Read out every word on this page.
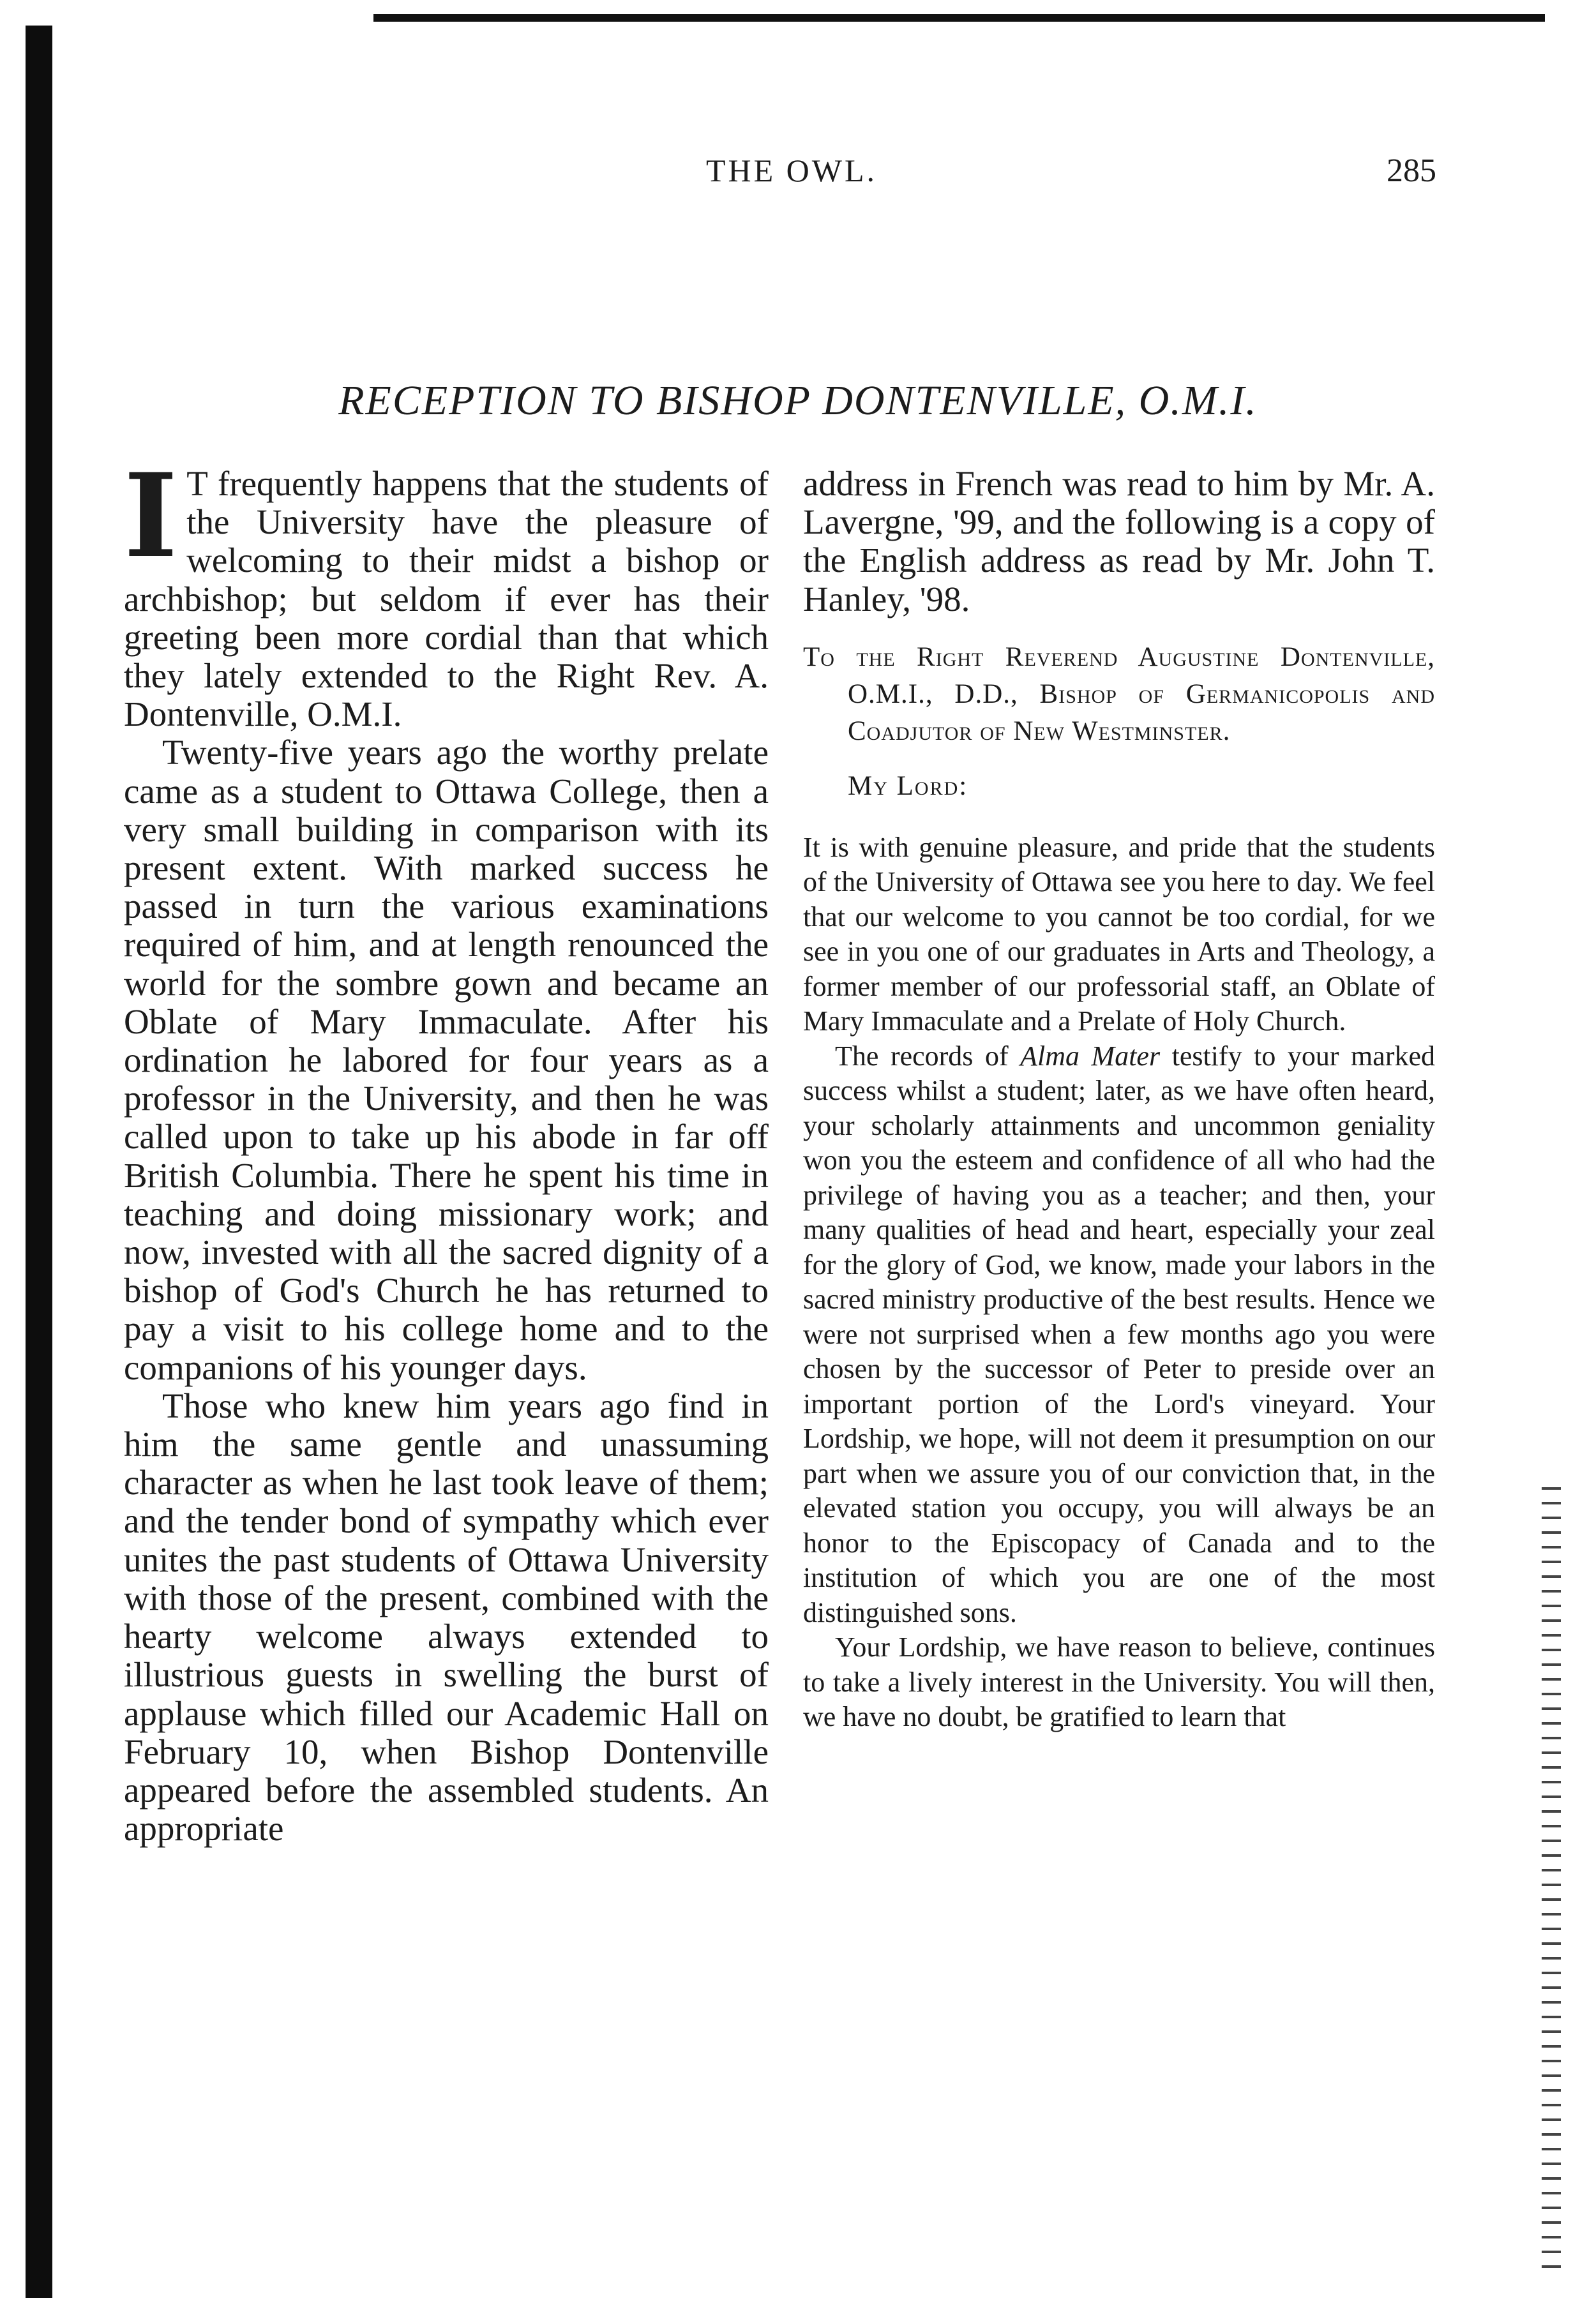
THE OWL.	285
RECEPTION TO BISHOP DONTENVILLE, O.M.I.

I T frequently happens that the students of the University have the pleasure of welcoming to their midst a bishop or archbishop; but seldom if ever has their greeting been more cordial than that which they lately extended to the Right Rev. A. Dontenville, O.M.I.

Twenty-five years ago the worthy prelate came as a student to Ottawa College, then a very small building in comparison with its present extent. With marked success he passed in turn the various examinations required of him, and at length renounced the world for the sombre gown and became an Oblate of Mary Immaculate. After his ordination he labored for four years as a professor in the University, and then he was called upon to take up his abode in far off British Columbia. There he spent his time in teaching and doing missionary work; and now, invested with all the sacred dignity of a bishop of God's Church he has returned to pay a visit to his college home and to the companions of his younger days.

Those who knew him years ago find in him the same gentle and unassuming character as when he last took leave of them; and the tender bond of sympathy which ever unites the past students of Ottawa University with those of the present, combined with the hearty welcome always extended to illustrious guests in swelling the burst of applause which filled our Academic Hall on February 10, when Bishop Dontenville appeared before the assembled students. An appropriate

address in French was read to him by Mr. A. Lavergne, '99, and the following is a copy of the English address as read by Mr. John T. Hanley, '98.

To the Right Reverend Augustine Dontenville, O.M.I., D.D., Bishop of Germanicopolis and Coadjutor of New Westminster.

My Lord:

It is with genuine pleasure, and pride that the students of the University of Ottawa see you here to day. We feel that our welcome to you cannot be too cordial, for we see in you one of our graduates in Arts and Theology, a former member of our professorial staff, an Oblate of Mary Immaculate and a Prelate of Holy Church.

The records of Alma Mater testify to your marked success whilst a student; later, as we have often heard, your scholarly attainments and uncommon geniality won you the esteem and confidence of all who had the privilege of having you as a teacher; and then, your many qualities of head and heart, especially your zeal for the glory of God, we know, made your labors in the sacred ministry productive of the best results. Hence we were not surprised when a few months ago you were chosen by the successor of Peter to preside over an important portion of the Lord's vineyard. Your Lordship, we hope, will not deem it presumption on our part when we assure you of our conviction that, in the elevated station you occupy, you will always be an honor to the Episcopacy of Canada and to the institution of which you are one of the most distinguished sons.

Your Lordship, we have reason to believe, continues to take a lively interest in the University. You will then, we have no doubt, be gratified to learn that
